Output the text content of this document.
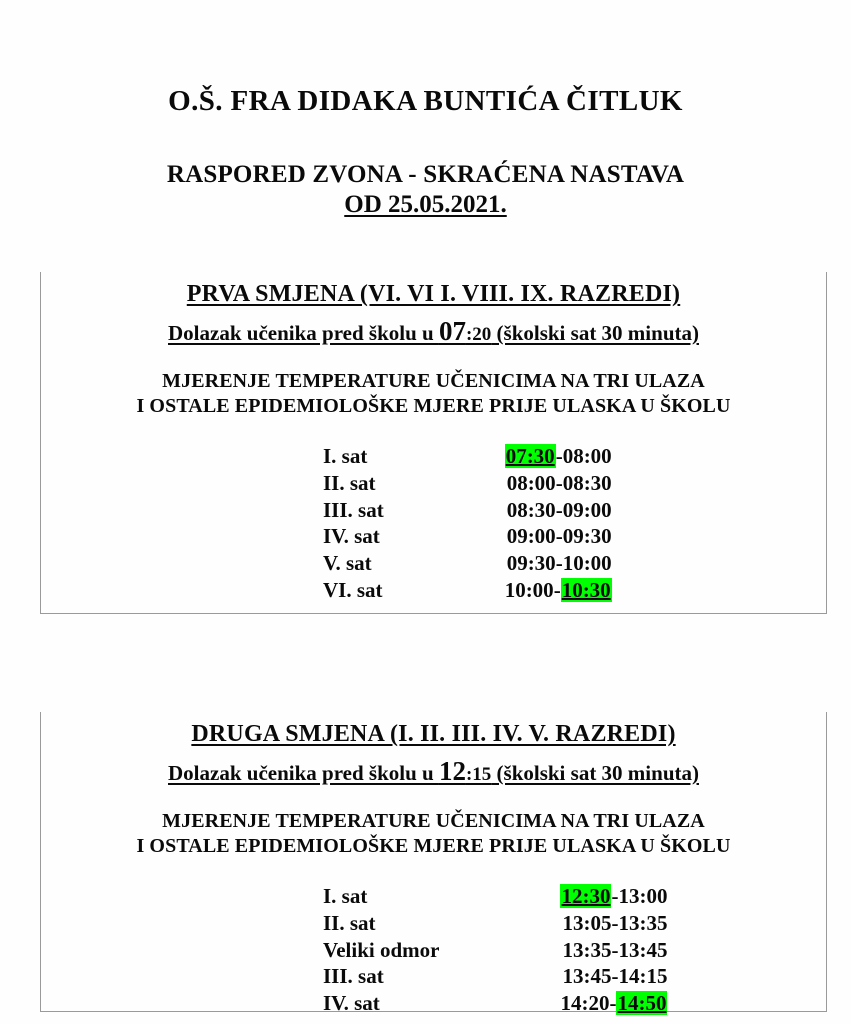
O.Š. FRA DIDAKA BUNTIĆA ČITLUK
RASPORED ZVONA - SKRAĆENA NASTAVA
OD 25.05.2021.
PRVA SMJENA (VI. VI I. VIII. IX. RAZREDI)
Dolazak učenika pred školu u 07:20 (školski sat 30 minuta)
MJERENJE TEMPERATURE UČENICIMA NA TRI ULAZA
I OSTALE EPIDEMIOLOŠKE MJERE PRIJE ULASKA U ŠKOLU
I. sat	07:30-08:00
II. sat	08:00-08:30
III. sat	08:30-09:00
IV. sat	09:00-09:30
V. sat	09:30-10:00
VI. sat	10:00-10:30
DRUGA SMJENA (I. II. III. IV. V. RAZREDI)
Dolazak učenika pred školu u 12:15 (školski sat 30 minuta)
MJERENJE TEMPERATURE UČENICIMA NA TRI ULAZA
I OSTALE EPIDEMIOLOŠKE MJERE PRIJE ULASKA U ŠKOLU
I. sat	12:30-13:00
II. sat	13:05-13:35
Veliki odmor	13:35-13:45
III. sat	13:45-14:15
IV. sat	14:20-14:50
